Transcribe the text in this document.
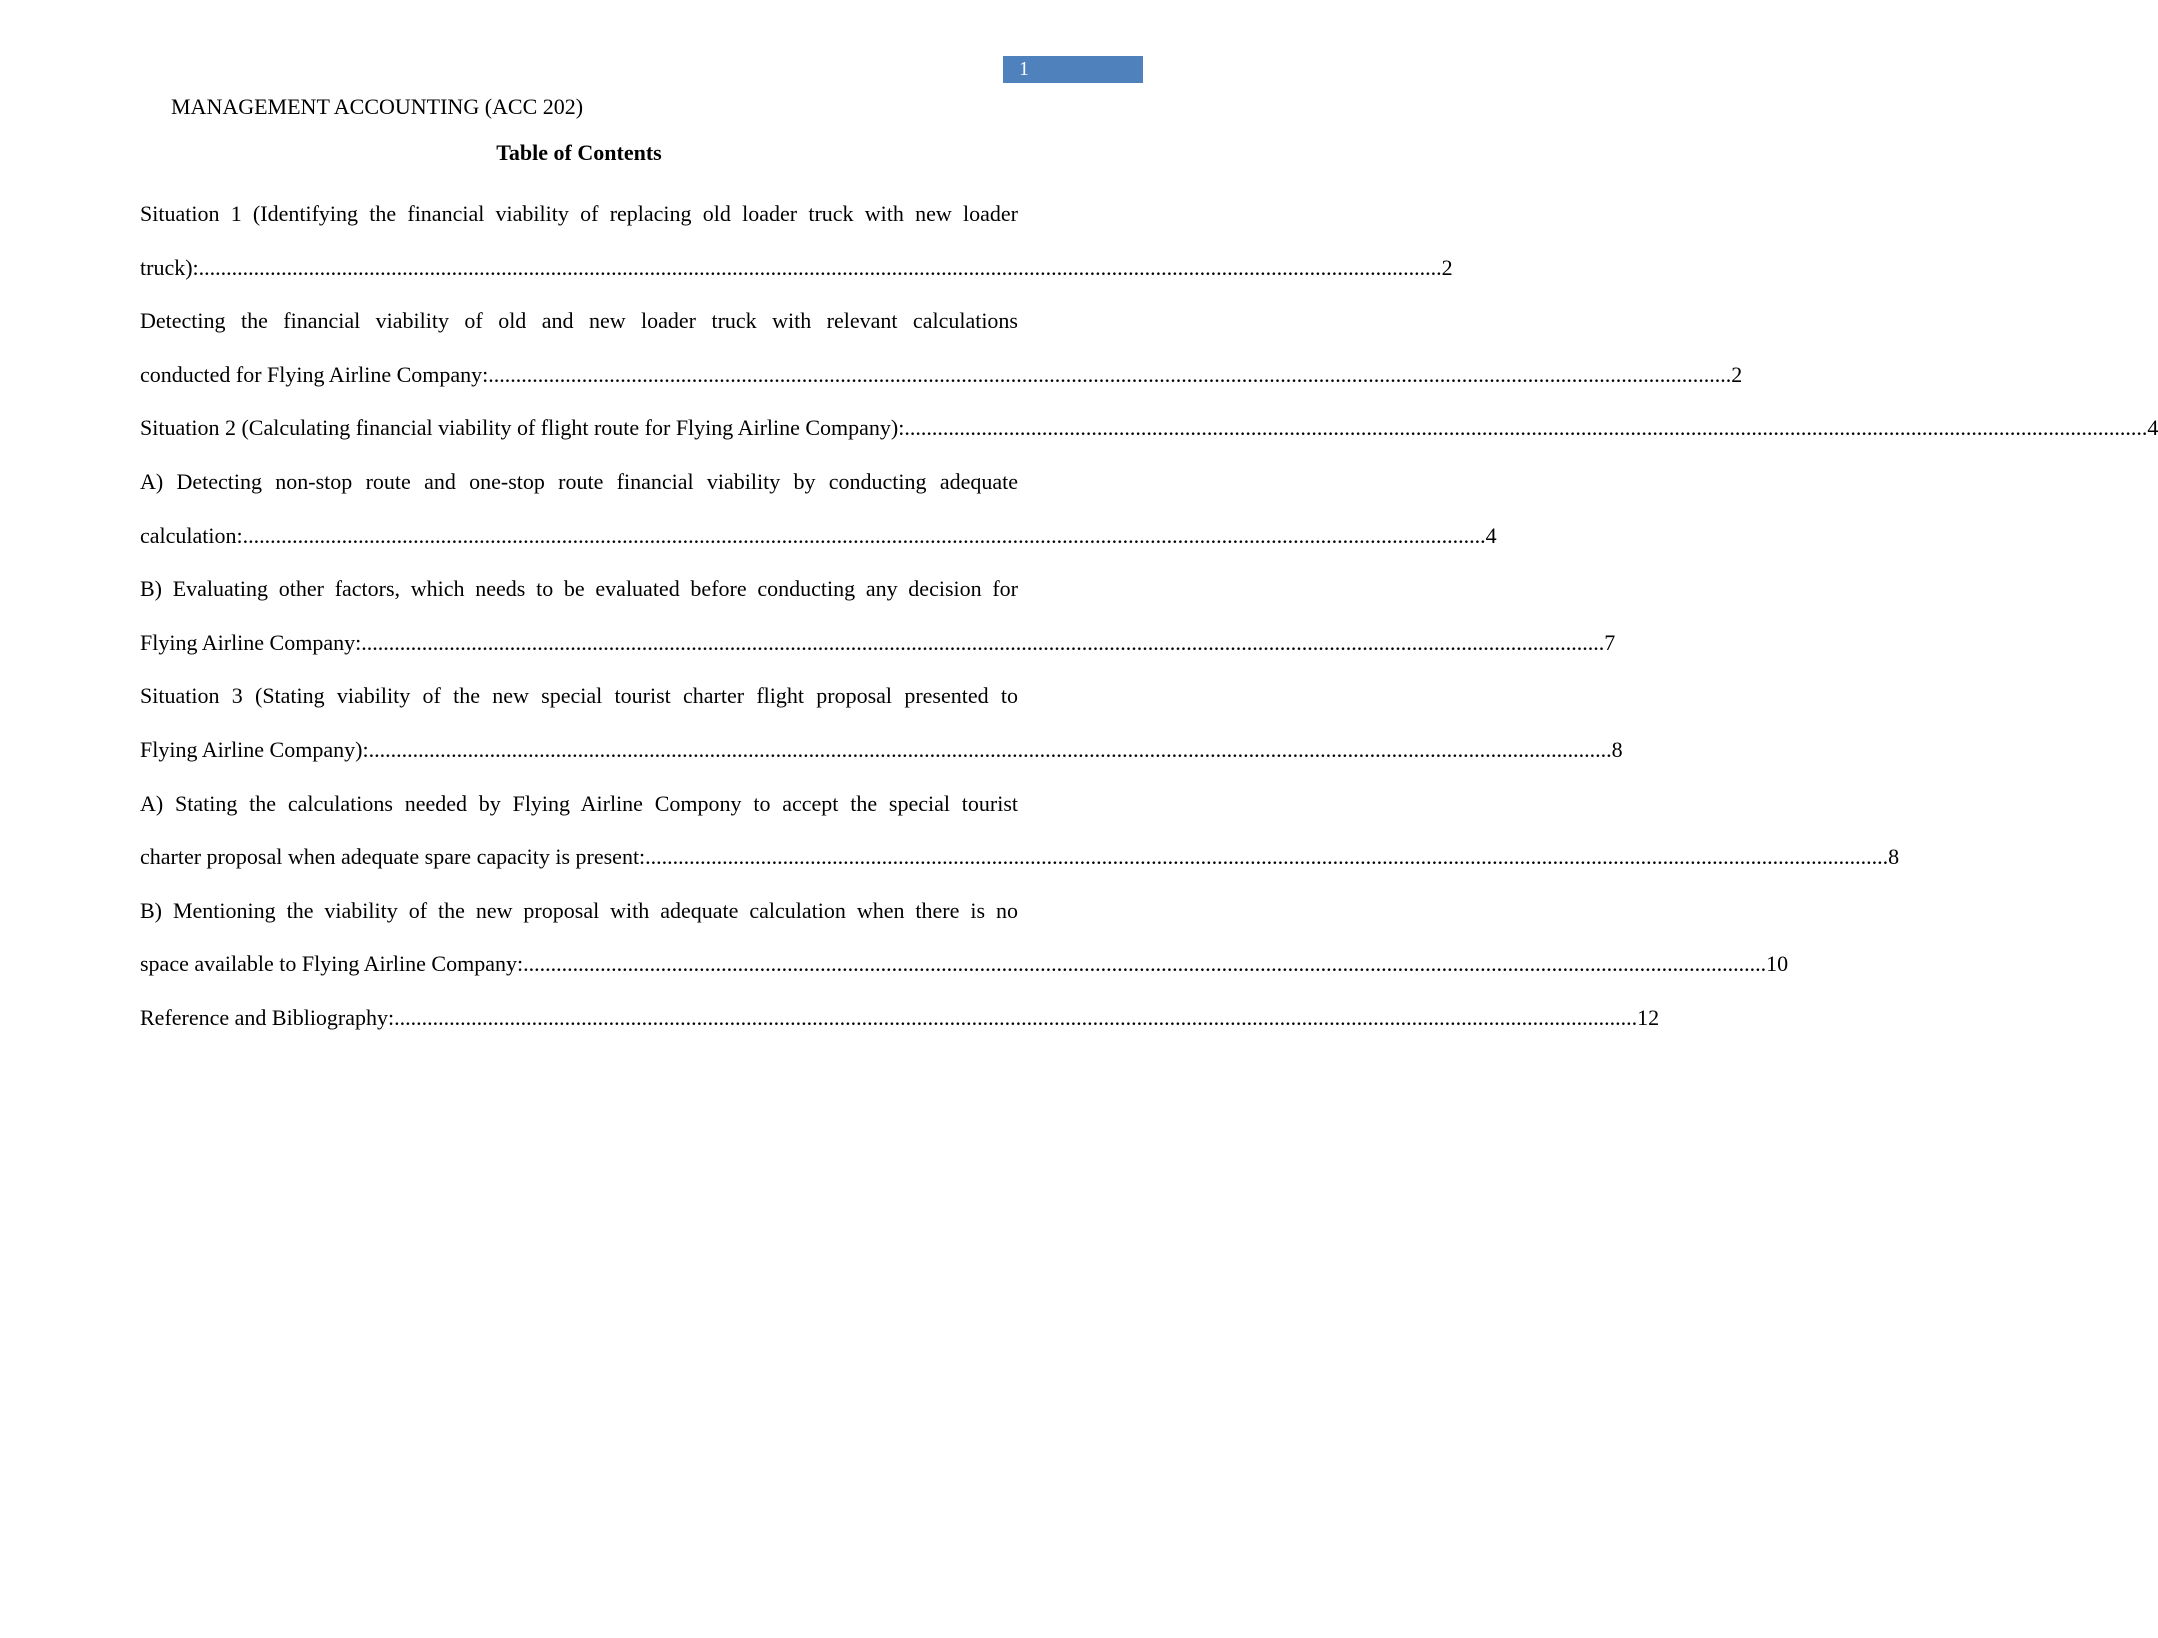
1
MANAGEMENT ACCOUNTING (ACC 202)
Table of Contents
Situation 1 (Identifying the financial viability of replacing old loader truck with new loader
truck): .................................................................................................................................................................................................................................. 2
Detecting the financial viability of old and new loader truck with relevant calculations
conducted for Flying Airline Company: .................................................................................................................................................................................................................................. 2
Situation 2 (Calculating financial viability of flight route for Flying Airline Company): .................................................................................................................................................................................................................................. 4
A) Detecting non-stop route and one-stop route financial viability by conducting adequate
calculation: .................................................................................................................................................................................................................................. 4
B) Evaluating other factors, which needs to be evaluated before conducting any decision for
Flying Airline Company: .................................................................................................................................................................................................................................. 7
Situation 3 (Stating viability of the new special tourist charter flight proposal presented to
Flying Airline Company): .................................................................................................................................................................................................................................. 8
A) Stating the calculations needed by Flying Airline Compony to accept the special tourist
charter proposal when adequate spare capacity is present: .................................................................................................................................................................................................................................. 8
B) Mentioning the viability of the new proposal with adequate calculation when there is no
space available to Flying Airline Company: .................................................................................................................................................................................................................................. 10
Reference and Bibliography: .................................................................................................................................................................................................................................. 12
